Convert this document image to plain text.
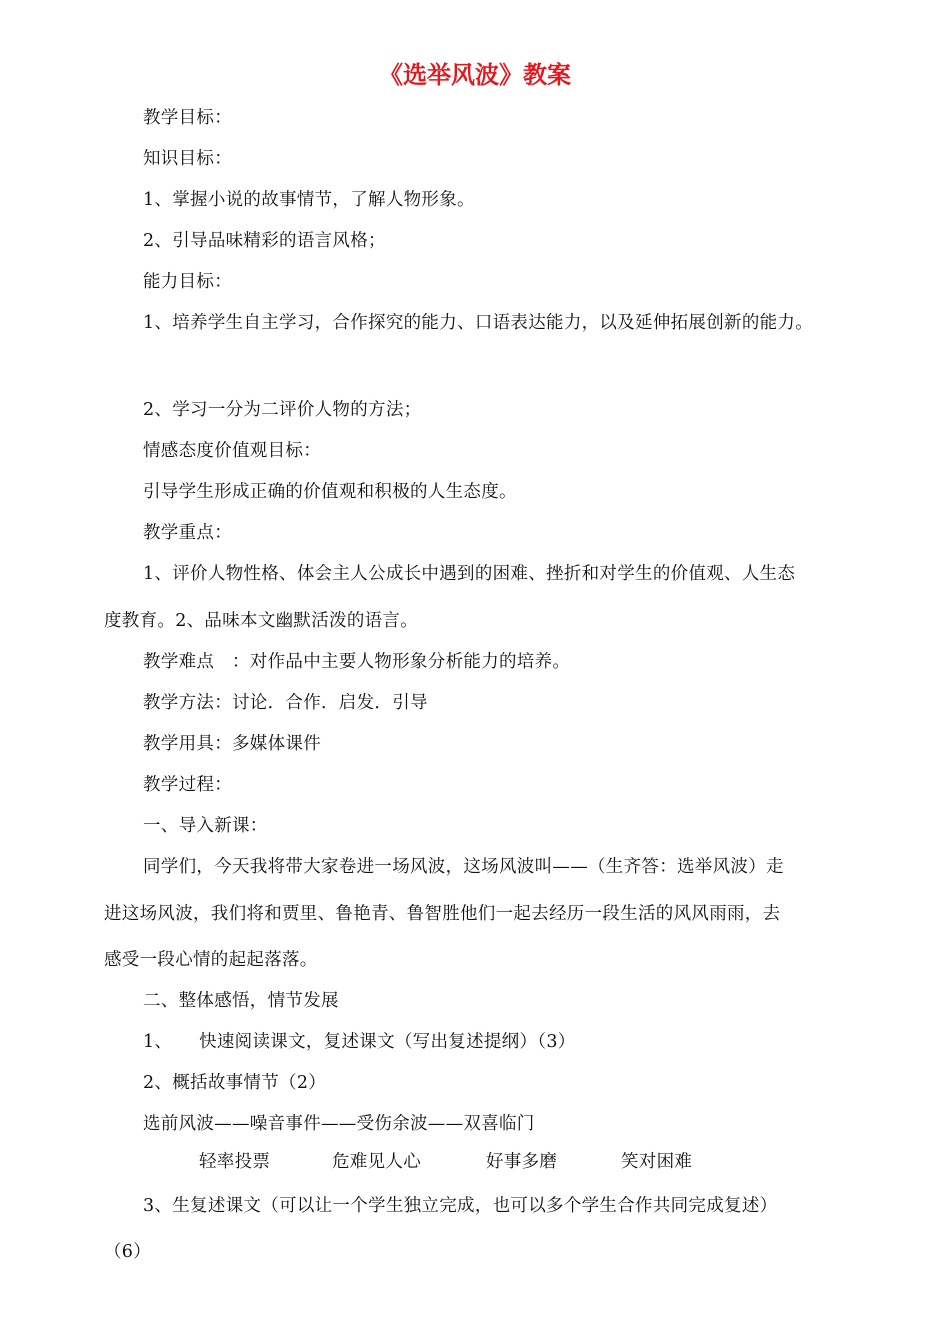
《选举风波》教案
教学目标：
知识目标：
1、掌握小说的故事情节，了解人物形象。
2、引导品味精彩的语言风格；
能力目标：
1、培养学生自主学习，合作探究的能力、口语表达能力，以及延伸拓展创新的能力。
2、学习一分为二评价人物的方法；
情感态度价值观目标：
引导学生形成正确的价值观和积极的人生态度。
教学重点：
1、评价人物性格、体会主人公成长中遇到的困难、挫折和对学生的价值观、人生态
度教育。2、品味本文幽默活泼的语言。
教学难点　：对作品中主要人物形象分析能力的培养。
教学方法：讨论．合作．启发．引导
教学用具：多媒体课件
教学过程：
一、导入新课：
同学们，今天我将带大家卷进一场风波，这场风波叫——（生齐答：选举风波）走
进这场风波，我们将和贾里、鲁艳青、鲁智胜他们一起去经历一段生活的风风雨雨，去
感受一段心情的起起落落。
二、整体感悟，情节发展
1、　　快速阅读课文，复述课文（写出复述提纲）（3）
2、概括故事情节（2）
选前风波——噪音事件——受伤余波——双喜临门
轻率投票	危难见人心	好事多磨	笑对困难
3、生复述课文（可以让一个学生独立完成，也可以多个学生合作共同完成复述）
（6）
